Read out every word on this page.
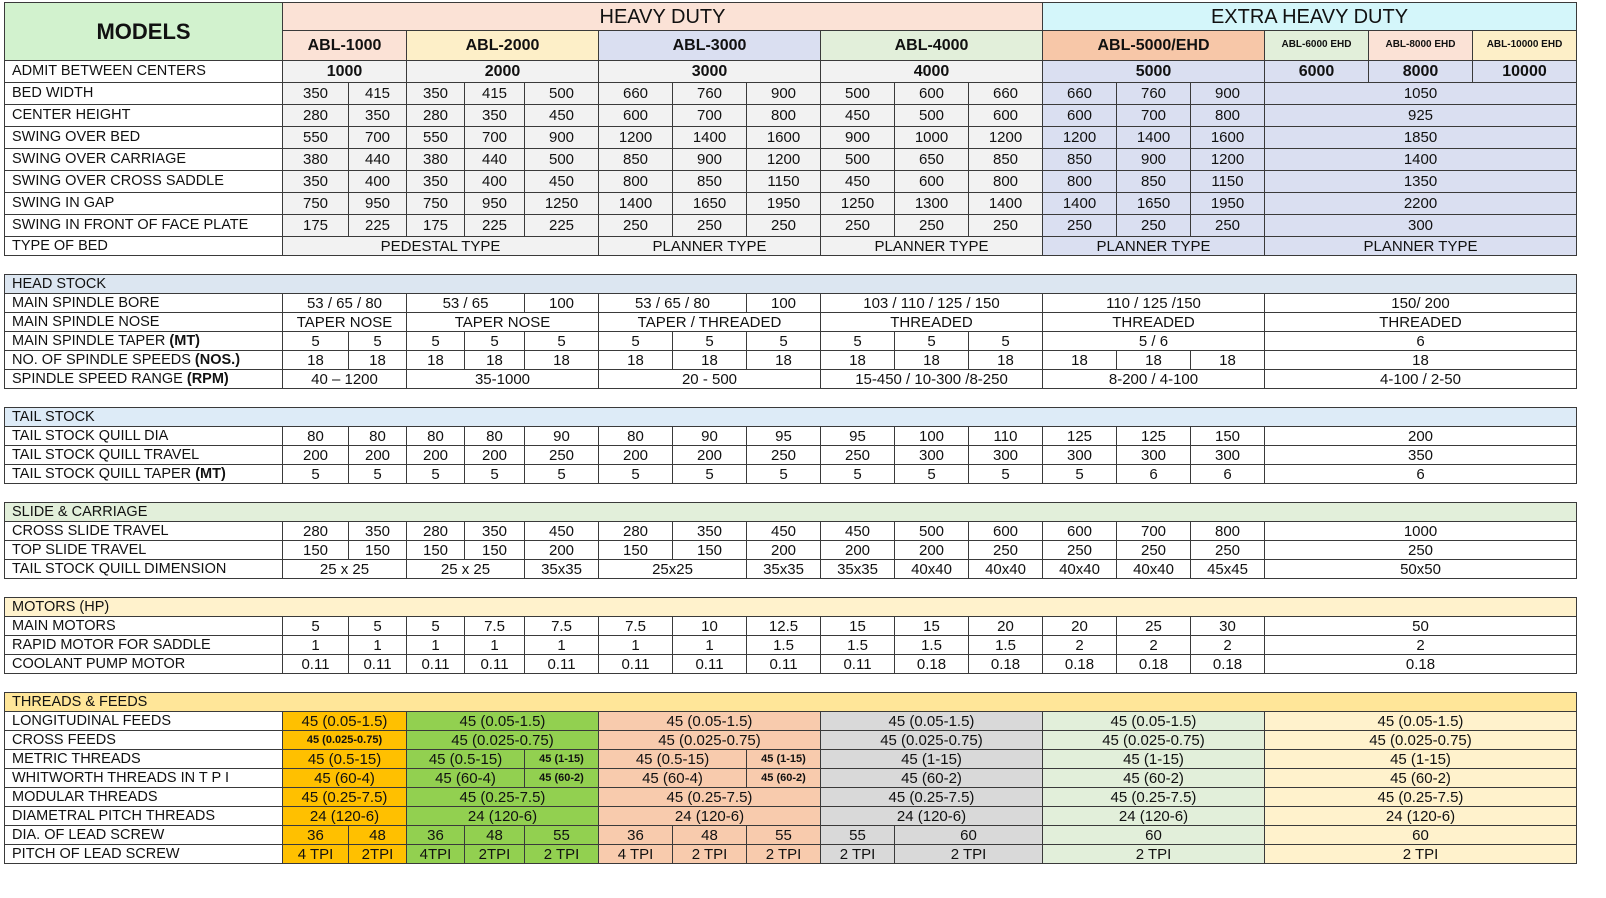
MODELS	HEAVY DUTY											EXTRA HEAVY DUTY					
	ABL-1000		ABL-2000			ABL-3000			ABL-4000			ABL-5000/EHD			ABL-6000 EHD	ABL-8000 EHD	ABL-10000 EHD
ADMIT BETWEEN CENTERS	1000		2000			3000			4000			5000			6000	8000	10000
BED WIDTH	350	415	350	415	500	660	760	900	500	600	660	660	760	900	1050		
CENTER HEIGHT	280	350	280	350	450	600	700	800	450	500	600	600	700	800	925		
SWING OVER BED	550	700	550	700	900	1200	1400	1600	900	1000	1200	1200	1400	1600	1850		
SWING OVER CARRIAGE	380	440	380	440	500	850	900	1200	500	650	850	850	900	1200	1400		
SWING OVER CROSS SADDLE	350	400	350	400	450	800	850	1150	450	600	800	800	850	1150	1350		
SWING IN GAP	750	950	750	950	1250	1400	1650	1950	1250	1300	1400	1400	1650	1950	2200		
SWING IN FRONT OF FACE PLATE	175	225	175	225	225	250	250	250	250	250	250	250	250	250	300		
TYPE OF BED	PEDESTAL TYPE					PLANNER TYPE			PLANNER TYPE			PLANNER TYPE			PLANNER TYPE		

HEAD STOCK																	
MAIN SPINDLE BORE	53 / 65 / 80		53 / 65		100	53 / 65 / 80		100	103 / 110 / 125 / 150			110 / 125 /150			150/ 200		
MAIN SPINDLE NOSE	TAPER NOSE		TAPER NOSE			TAPER / THREADED			THREADED			THREADED			THREADED		
MAIN SPINDLE TAPER (MT)	5	5	5	5	5	5	5	5	5	5	5	5 / 6			6		
NO. OF SPINDLE SPEEDS (NOS.)	18	18	18	18	18	18	18	18	18	18	18	18	18	18	18		
SPINDLE SPEED RANGE (RPM)	40 – 1200		35-1000			20 - 500			15-450 / 10-300 /8-250			8-200 / 4-100			4-100 / 2-50		

TAIL STOCK																	
TAIL STOCK QUILL DIA	80	80	80	80	90	80	90	95	95	100	110	125	125	150	200		
TAIL STOCK QUILL TRAVEL	200	200	200	200	250	200	200	250	250	300	300	300	300	300	350		
TAIL STOCK QUILL TAPER (MT)	5	5	5	5	5	5	5	5	5	5	5	5	6	6	6		

SLIDE & CARRIAGE																	
CROSS SLIDE TRAVEL	280	350	280	350	450	280	350	450	450	500	600	600	700	800	1000		
TOP SLIDE TRAVEL	150	150	150	150	200	150	150	200	200	200	250	250	250	250	250		
TAIL STOCK QUILL DIMENSION	25 x 25		25 x 25		35x35	25x25		35x35	35x35	40x40	40x40	40x40	40x40	45x45	50x50		

MOTORS (HP)																	
MAIN MOTORS	5	5	5	7.5	7.5	7.5	10	12.5	15	15	20	20	25	30	50		
RAPID MOTOR FOR SADDLE	1	1	1	1	1	1	1	1.5	1.5	1.5	1.5	2	2	2	2		
COOLANT PUMP MOTOR	0.11	0.11	0.11	0.11	0.11	0.11	0.11	0.11	0.11	0.18	0.18	0.18	0.18	0.18	0.18		

THREADS & FEEDS																	
LONGITUDINAL FEEDS	45 (0.05-1.5)		45 (0.05-1.5)			45 (0.05-1.5)			45 (0.05-1.5)			45 (0.05-1.5)			45 (0.05-1.5)		
CROSS FEEDS	45 (0.025-0.75)		45 (0.025-0.75)			45 (0.025-0.75)			45 (0.025-0.75)			45 (0.025-0.75)			45 (0.025-0.75)		
METRIC THREADS	45 (0.5-15)		45 (0.5-15)		45 (1-15)	45 (0.5-15)		45 (1-15)	45 (1-15)			45 (1-15)			45 (1-15)		
WHITWORTH THREADS IN T P I	45 (60-4)		45 (60-4)		45 (60-2)	45 (60-4)		45 (60-2)	45 (60-2)			45 (60-2)			45 (60-2)		
MODULAR THREADS	45 (0.25-7.5)		45 (0.25-7.5)			45 (0.25-7.5)			45 (0.25-7.5)			45 (0.25-7.5)			45 (0.25-7.5)		
DIAMETRAL PITCH THREADS	24 (120-6)		24 (120-6)			24 (120-6)			24 (120-6)			24 (120-6)			24 (120-6)		
DIA. OF LEAD SCREW	36	48	36	48	55	36	48	55	55	60		60			60		
PITCH OF LEAD SCREW	4 TPI	2TPI	4TPI	2TPI	2 TPI	4 TPI	2 TPI	2 TPI	2 TPI	2 TPI		2 TPI			2 TPI		
